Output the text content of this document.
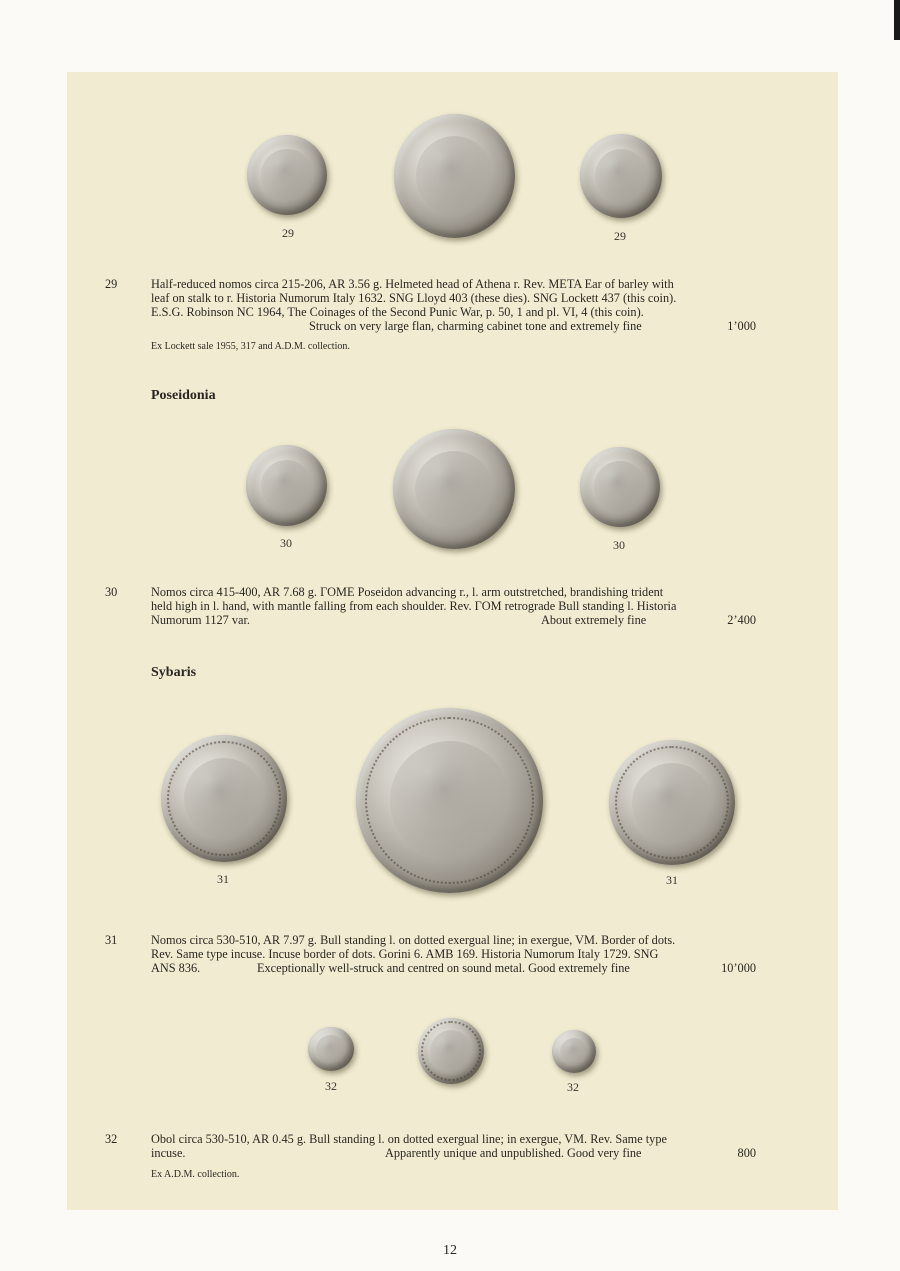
29	29
29	Half-reduced nomos circa 215-206, AR 3.56 g. Helmeted head of Athena r. Rev. META Ear of barley with
leaf on stalk to r. Historia Numorum Italy 1632. SNG Lloyd 403 (these dies). SNG Lockett 437 (this coin).
E.S.G. Robinson NC 1964, The Coinages of the Second Punic War, p. 50, 1 and pl. VI, 4 (this coin).
Struck on very large flan, charming cabinet tone and extremely fine	1’000
Ex Lockett sale 1955, 317 and A.D.M. collection.
Poseidonia
30	30
30	Nomos circa 415-400, AR 7.68 g. ΓOME Poseidon advancing r., l. arm outstretched, brandishing trident
held high in l. hand, with mantle falling from each shoulder. Rev. ΓOM retrograde Bull standing l. Historia
Numorum 1127 var.	About extremely fine	2’400
Sybaris
31	31
31	Nomos circa 530-510, AR 7.97 g. Bull standing l. on dotted exergual line; in exergue, VM. Border of dots.
Rev. Same type incuse. Incuse border of dots. Gorini 6. AMB 169. Historia Numorum Italy 1729. SNG
ANS 836.	Exceptionally well-struck and centred on sound metal. Good extremely fine	10’000
32	32
32	Obol circa 530-510, AR 0.45 g. Bull standing l. on dotted exergual line; in exergue, VM. Rev. Same type
incuse.	Apparently unique and unpublished. Good very fine	800
Ex A.D.M. collection.
12
